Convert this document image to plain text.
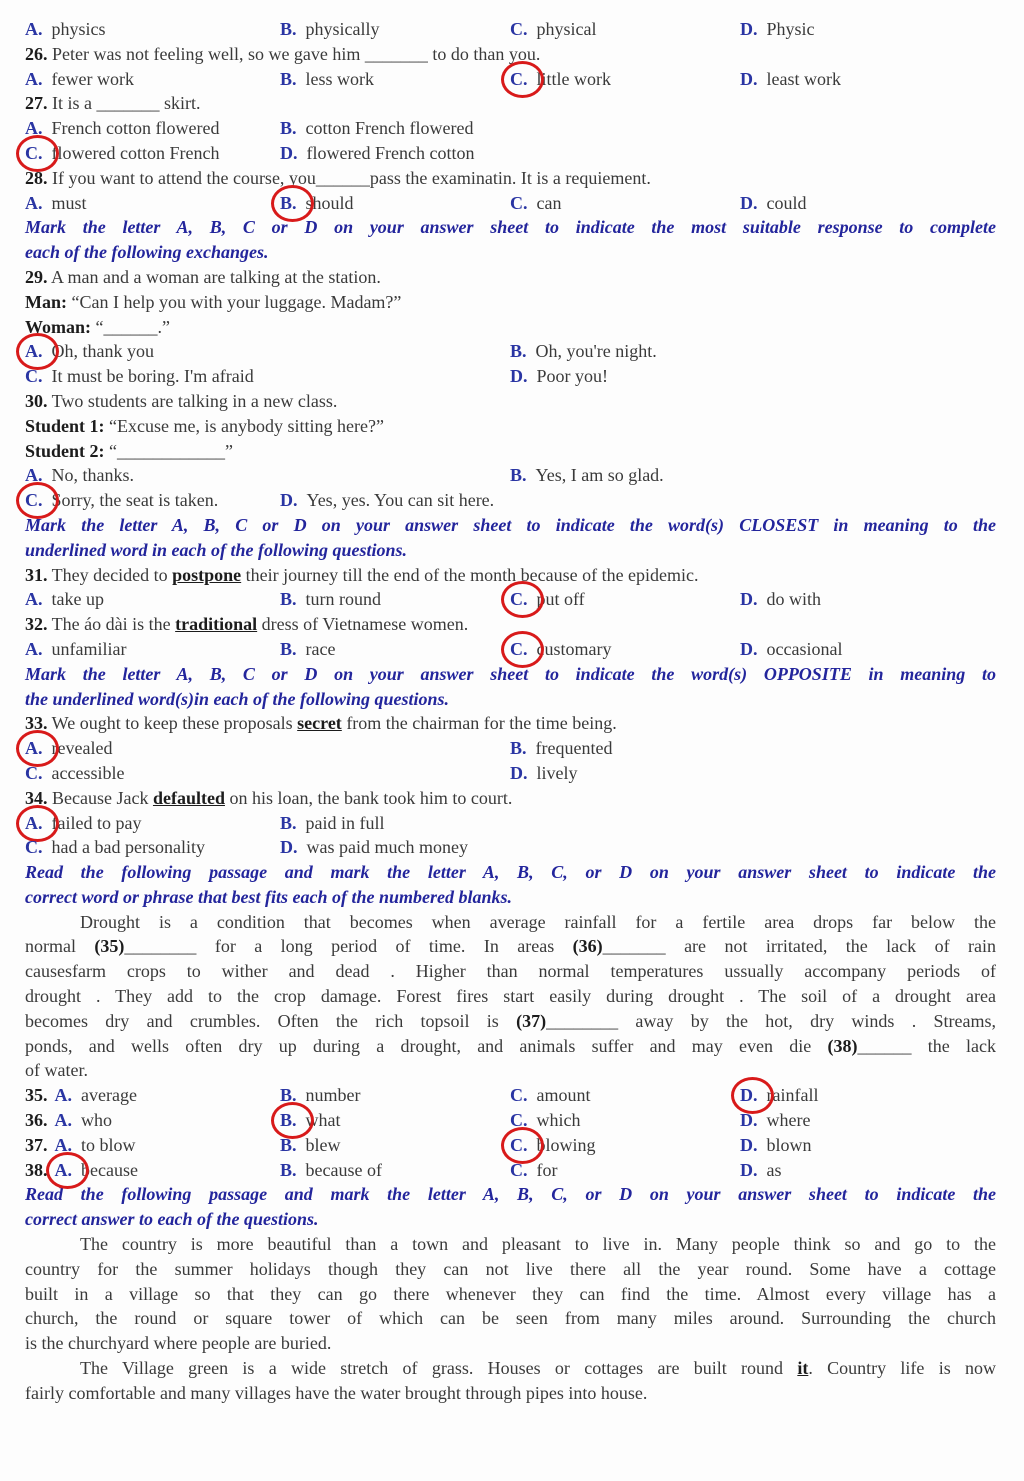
A. physics	B. physically	C. physical	D. Physic
26. Peter was not feeling well, so we gave him _______ to do than you.
A. fewer work	B. less work	C. little work	D. least work
27. It is a _______ skirt.
A. French cotton flowered	B. cotton French flowered
C. flowered cotton French	D. flowered French cotton
28. If you want to attend the course, you______pass the examinatin. It is a requiement.
A. must	B. should	C. can	D. could
Mark the letter A, B, C or D on your answer sheet to indicate the most suitable response to complete
each of the following exchanges.
29. A man and a woman are talking at the station.
Man: “Can I help you with your luggage. Madam?”
Woman: “______.”
A. Oh, thank you	B. Oh, you're night.
C. It must be boring. I'm afraid	D. Poor you!
30. Two students are talking in a new class.
Student 1: “Excuse me, is anybody sitting here?”
Student 2: “____________”
A. No, thanks.	B. Yes, I am so glad.
C. Sorry, the seat is taken.	D. Yes, yes. You can sit here.
Mark the letter A, B, C or D on your answer sheet to indicate the word(s) CLOSEST in meaning to the
underlined word in each of the following questions.
31. They decided to postpone their journey till the end of the month because of the epidemic.
A. take up	B. turn round	C. put off	D. do with
32. The áo dài is the traditional dress of Vietnamese women.
A. unfamiliar	B. race	C. customary	D. occasional
Mark the letter A, B, C or D on your answer sheet to indicate the word(s) OPPOSITE in meaning to
the underlined word(s)in each of the following questions.
33. We ought to keep these proposals secret from the chairman for the time being.
A. revealed	B. frequented
C. accessible	D. lively
34. Because Jack defaulted on his loan, the bank took him to court.
A. failed to pay	B. paid in full
C. had a bad personality	D. was paid much money
Read the following passage and mark the letter A, B, C, or D on your answer sheet to indicate the
correct word or phrase that best fits each of the numbered blanks.
Drought is a condition that becomes when average rainfall for a fertile area drops far below the
normal (35)________ for a long period of time. In areas (36)_______ are not irritated, the lack of rain
causesfarm crops to wither and dead . Higher than normal temperatures ussually accompany periods of
drought . They add to the crop damage. Forest fires start easily during drought . The soil of a drought area
becomes dry and crumbles. Often the rich topsoil is (37)________ away by the hot, dry winds . Streams,
ponds, and wells often dry up during a drought, and animals suffer and may even die (38)______ the lack
of water.
35. A. average	B. number	C. amount	D. rainfall
36. A. who	B. what	C. which	D. where
37. A. to blow	B. blew	C. blowing	D. blown
38. A. because	B. because of	C. for	D. as
Read the following passage and mark the letter A, B, C, or D on your answer sheet to indicate the
correct answer to each of the questions.
The country is more beautiful than a town and pleasant to live in. Many people think so and go to the
country for the summer holidays though they can not live there all the year round. Some have a cottage
built in a village so that they can go there whenever they can find the time. Almost every village has a
church, the round or square tower of which can be seen from many miles around. Surrounding the church
is the churchyard where people are buried.
The Village green is a wide stretch of grass. Houses or cottages are built round it. Country life is now
fairly comfortable and many villages have the water brought through pipes into house.
